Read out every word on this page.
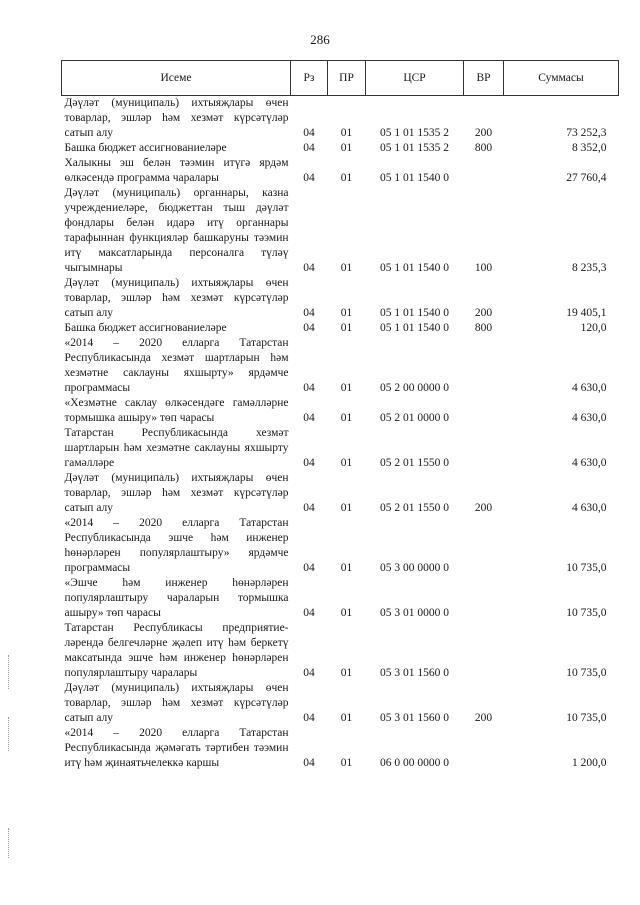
286
Исеме	Рз	ПР	ЦСР	ВР	Суммасы
Дәүләт (муниципаль) ихтыяҗлары өчен товарлар, эшләр һәм хезмәт күрсәтүләр сатып алу	04	01	05 1 01 1535 2	200	73 252,3
Башка бюджет ассигнованиеләре	04	01	05 1 01 1535 2	800	8 352,0
Халыкны эш белән тәэмин итүгә ярдәм өлкәсендә программа чаралары	04	01	05 1 01 1540 0		27 760,4
Дәүләт (муниципаль) органнары, казна учреждениеләре, бюджеттан тыш дәүләт фондлары белән идарә итү органнары тарафыннан функцияләр башкаруны тәэмин итү максатларында персоналга түләү чыгымнары	04	01	05 1 01 1540 0	100	8 235,3
Дәүләт (муниципаль) ихтыяҗлары өчен товарлар, эшләр һәм хезмәт күрсәтүләр сатып алу	04	01	05 1 01 1540 0	200	19 405,1
Башка бюджет ассигнованиеләре	04	01	05 1 01 1540 0	800	120,0
«2014 – 2020 елларга Татарстан Республикасында хезмәт шартларын һәм хезмәтне саклауны яхшырту» ярдәмче программасы	04	01	05 2 00 0000 0		4 630,0
«Хезмәтне саклау өлкәсендәге гамәлләрне тормышка ашыру» төп чарасы	04	01	05 2 01 0000 0		4 630,0
Татарстан Республикасында хезмәт шартларын һәм хезмәтне саклауны яхшырту гамәлләре	04	01	05 2 01 1550 0		4 630,0
Дәүләт (муниципаль) ихтыяҗлары өчен товарлар, эшләр һәм хезмәт күрсәтүләр сатып алу	04	01	05 2 01 1550 0	200	4 630,0
«2014 – 2020 елларга Татарстан Республикасында эшче һәм инженер һөнәрләрен популярлаштыру» ярдәмче программасы	04	01	05 3 00 0000 0		10 735,0
«Эшче һәм инженер һөнәрләрен популярлаштыру чараларын тормышка ашыру» төп чарасы	04	01	05 3 01 0000 0		10 735,0
Татарстан Республикасы предприятие-ләрендә белгечләрне җәлеп итү һәм беркетү максатында эшче һәм инженер һөнәрләрен популярлаштыру чаралары	04	01	05 3 01 1560 0		10 735,0
Дәүләт (муниципаль) ихтыяҗлары өчен товарлар, эшләр һәм хезмәт күрсәтүләр сатып алу	04	01	05 3 01 1560 0	200	10 735,0
«2014 – 2020 елларга Татарстан Республикасында җәмәгать тәртибен тәэмин итү һәм җинаятьчелеккә каршы	04	01	06 0 00 0000 0		1 200,0
